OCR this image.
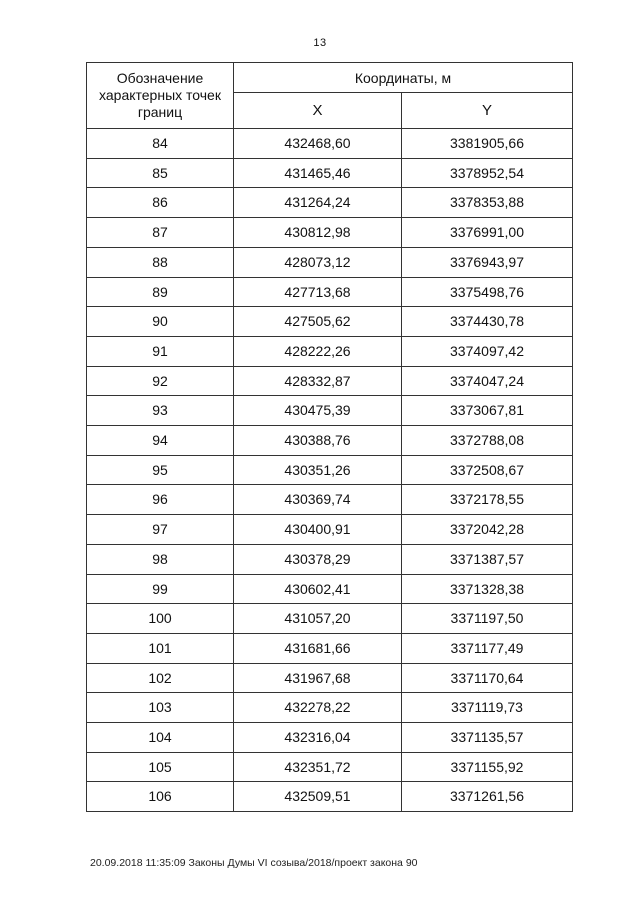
13
Обозначение характерных точек границ	Координаты, м	
	X	Y
84	432468,60	3381905,66
85	431465,46	3378952,54
86	431264,24	3378353,88
87	430812,98	3376991,00
88	428073,12	3376943,97
89	427713,68	3375498,76
90	427505,62	3374430,78
91	428222,26	3374097,42
92	428332,87	3374047,24
93	430475,39	3373067,81
94	430388,76	3372788,08
95	430351,26	3372508,67
96	430369,74	3372178,55
97	430400,91	3372042,28
98	430378,29	3371387,57
99	430602,41	3371328,38
100	431057,20	3371197,50
101	431681,66	3371177,49
102	431967,68	3371170,64
103	432278,22	3371119,73
104	432316,04	3371135,57
105	432351,72	3371155,92
106	432509,51	3371261,56
20.09.2018 11:35:09 Законы Думы VI созыва/2018/проект закона 90
